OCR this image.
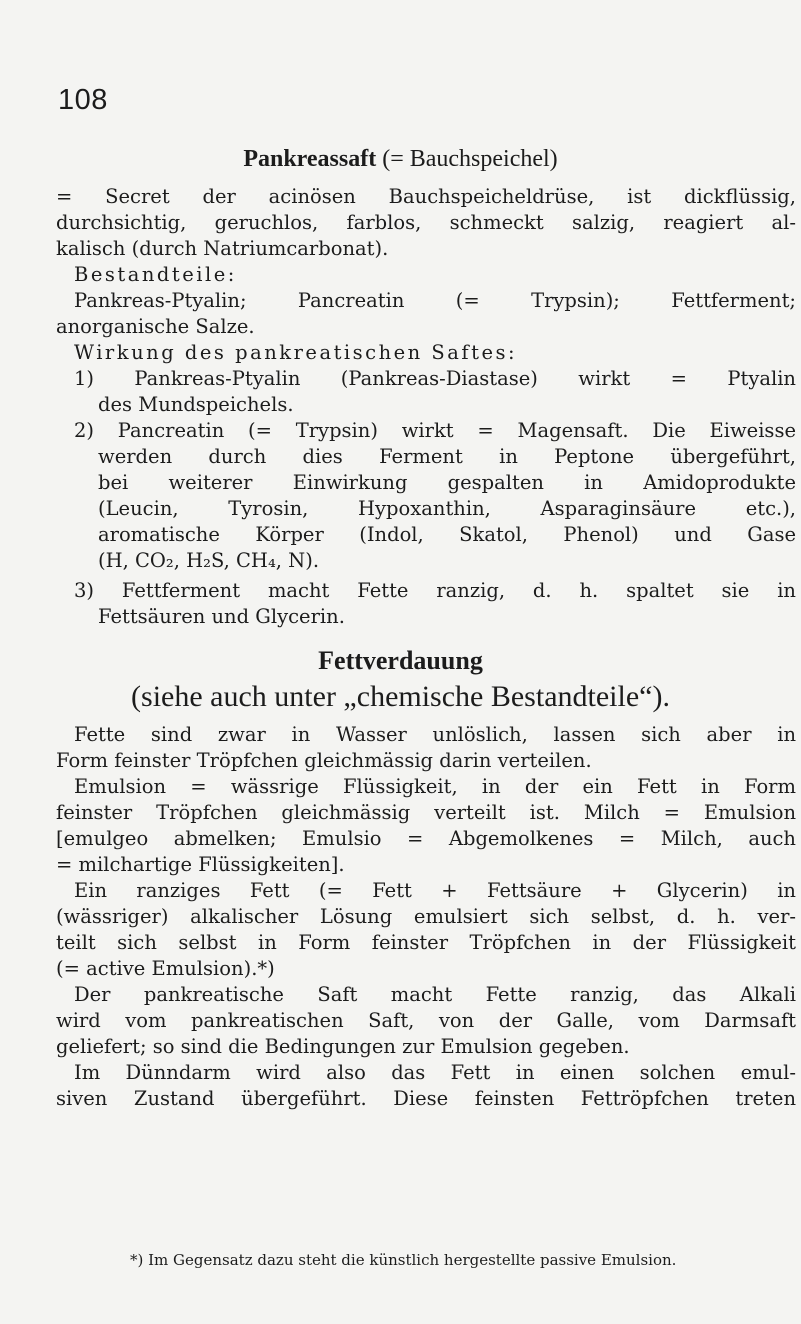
108
Pankreassaft (= Bauchspeichel)
= Secret der acinösen Bauchspeicheldrüse, ist dickflüssig,
durchsichtig, geruchlos, farblos, schmeckt salzig, reagiert al-
kalisch (durch Natriumcarbonat).
Bestandteile:
Pankreas-Ptyalin; Pancreatin (= Trypsin); Fettferment;
anorganische Salze.
Wirkung des pankreatischen Saftes:
1) Pankreas-Ptyalin (Pankreas-Diastase) wirkt = Ptyalin
des Mundspeichels.
2) Pancreatin (= Trypsin) wirkt = Magensaft. Die Eiweisse
werden durch dies Ferment in Peptone übergeführt,
bei weiterer Einwirkung gespalten in Amidoprodukte
(Leucin, Tyrosin, Hypoxanthin, Asparaginsäure etc.),
aromatische Körper (Indol, Skatol, Phenol) und Gase
(H, CO₂, H₂S, CH₄, N).
3) Fettferment macht Fette ranzig, d. h. spaltet sie in
Fettsäuren und Glycerin.
Fettverdauung
(siehe auch unter „chemische Bestandteile“).
Fette sind zwar in Wasser unlöslich, lassen sich aber in
Form feinster Tröpfchen gleichmässig darin verteilen.
Emulsion = wässrige Flüssigkeit, in der ein Fett in Form
feinster Tröpfchen gleichmässig verteilt ist. Milch = Emulsion
[emulgeo abmelken; Emulsio = Abgemolkenes = Milch, auch
= milchartige Flüssigkeiten].
Ein ranziges Fett (= Fett + Fettsäure + Glycerin) in
(wässriger) alkalischer Lösung emulsiert sich selbst, d. h. ver-
teilt sich selbst in Form feinster Tröpfchen in der Flüssigkeit
(= active Emulsion).*)
Der pankreatische Saft macht Fette ranzig, das Alkali
wird vom pankreatischen Saft, von der Galle, vom Darmsaft
geliefert; so sind die Bedingungen zur Emulsion gegeben.
Im Dünndarm wird also das Fett in einen solchen emul-
siven Zustand übergeführt. Diese feinsten Fettröpfchen treten
*) Im Gegensatz dazu steht die künstlich hergestellte passive Emulsion.
